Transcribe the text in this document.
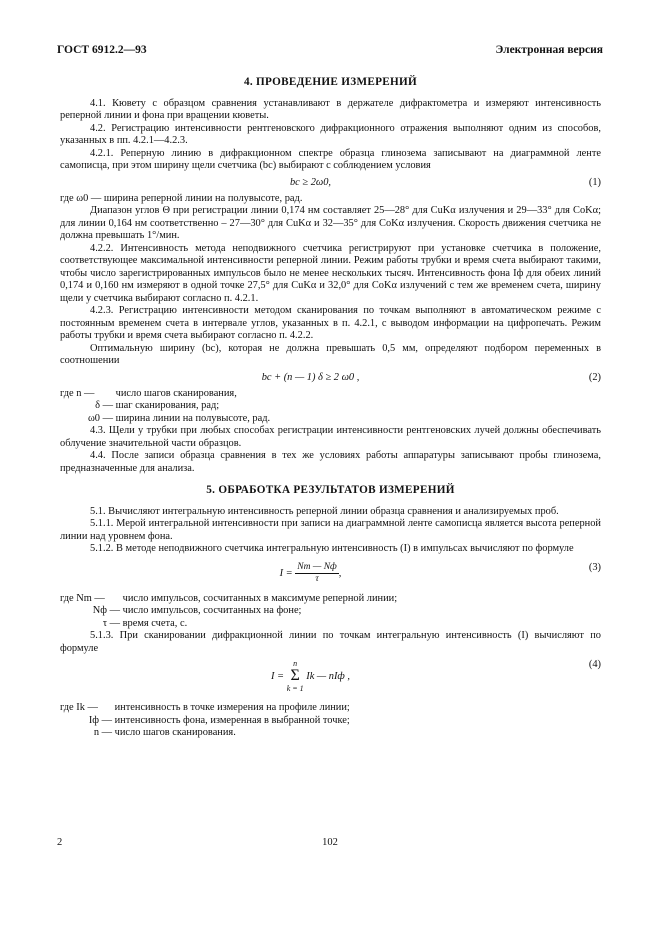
ГОСТ 6912.2—93	Электронная версия
4. ПРОВЕДЕНИЕ ИЗМЕРЕНИЙ

4.1. Кювету с образцом сравнения устанавливают в держателе дифрактометра и измеряют интенсивность реперной линии и фона при вращении кюветы.

4.2. Регистрацию интенсивности рентгеновского дифракционного отражения выполняют одним из способов, указанных в пп. 4.2.1—4.2.3.

4.2.1. Реперную линию в дифракционном спектре образца глинозема записывают на диаграммной ленте самописца, при этом ширину щели счетчика (bc) выбирают с соблюдением условия

bc ≥ 2ω0,	(1)

где ω0 — ширина реперной линии на полувысоте, рад.

Диапазон углов Θ при регистрации линии 0,174 нм составляет 25—28° для CuKα излучения и 29—33° для CoKα; для линии 0,164 нм соответственно – 27—30° для CuKα и 32—35° для CoKα излучения. Скорость движения счетчика не должна превышать 1°/мин.

4.2.2. Интенсивность метода неподвижного счетчика регистрируют при установке счетчика в положение, соответствующее максимальной интенсивности реперной линии. Режим работы трубки и время счета выбирают такими, чтобы число зарегистрированных импульсов было не менее нескольких тысяч. Интенсивность фона Iф для обеих линий 0,174 и 0,160 нм измеряют в одной точке 27,5° для CuKα и 32,0° для CoKα излучений с тем же временем счета, ширину щели у счетчика выбирают согласно п. 4.2.1.

4.2.3. Регистрацию интенсивности методом сканирования по точкам выполняют в автоматическом режиме с постоянным временем счета в интервале углов, указанных в п. 4.2.1, с выводом информации на цифропечать. Режим работы трубки и время счета выбирают согласно п. 4.2.2.

Оптимальную ширину (bc), которая не должна превышать 0,5 мм, определяют подбором переменных в соотношении

bc + (n — 1) δ ≥ 2 ω0 ,	(2)
где n —
	число шагов сканирования,
δ —
шаг сканирования, рад;
ω0 —
ширина линии на полувысоте, рад.

4.3. Щели у трубки при любых способах регистрации интенсивности рентгеновских лучей должны обеспечивать облучение значительной части образцов.

4.4. После записи образца сравнения в тех же условиях работы аппаратуры записывают пробы глинозема, предназначенные для анализа.

5. ОБРАБОТКА РЕЗУЛЬТАТОВ ИЗМЕРЕНИЙ

5.1. Вычисляют интегральную интенсивность реперной линии образца сравнения и анализируемых проб.

5.1.1. Мерой интегральной интенсивности при записи на диаграммной ленте самописца является высота реперной линии над уровнем фона.

5.1.2. В методе неподвижного счетчика интегральную интенсивность (I) в импульсах вычисляют по формуле

$I = \frac{Nm — Nф}{\tau}$ ,
(3)
где Nm —
	число импульсов, сосчитанных в максимуме реперной линии;
Nф —
число импульсов, сосчитанных на фоне;
τ —
время счета, с.

5.1.3. При сканировании дифракционной линии по точкам интегральную интенсивность (I) вычисляют по формуле

I =
n
Σ
k = 1
Ik — nIф ,
(4)
где Ik —
	интенсивность в точке измерения на профиле линии;
Iф —
интенсивность фона, измеренная в выбранной точке;
n —
число шагов сканирования.
2	102
